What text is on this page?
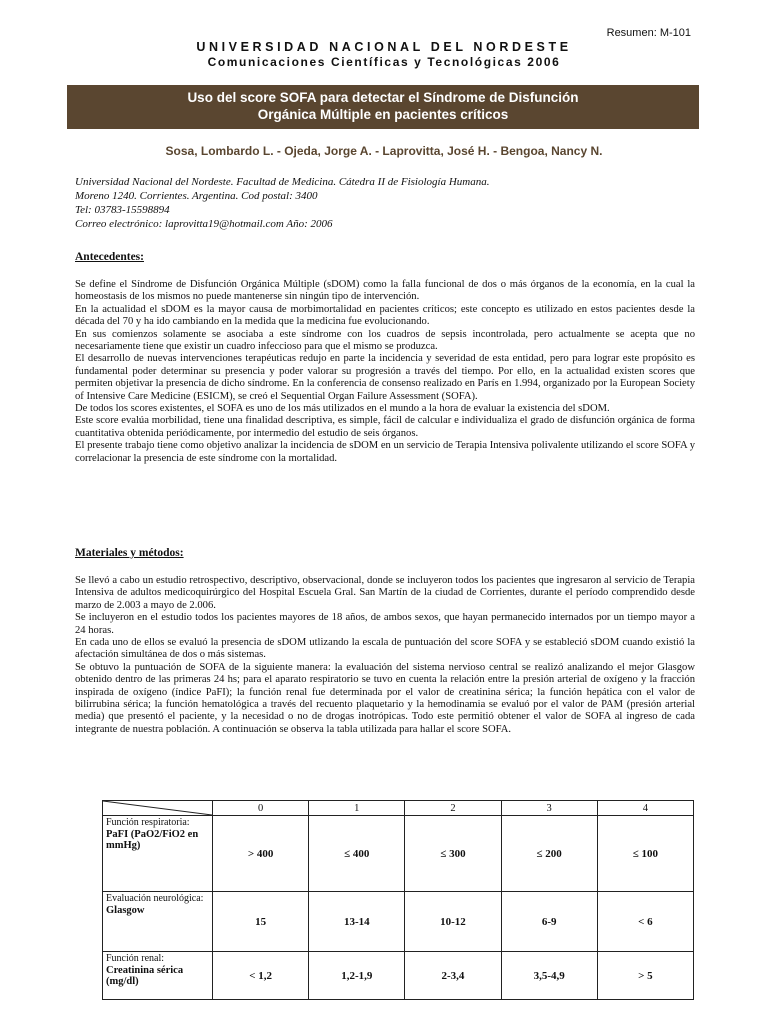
Resumen: M-101
UNIVERSIDAD NACIONAL DEL NORDESTE
Comunicaciones Científicas y Tecnológicas 2006
Uso del score SOFA para detectar el Síndrome de Disfunción
Orgánica Múltiple en pacientes críticos
Sosa, Lombardo L. - Ojeda, Jorge A. - Laprovitta, José H. - Bengoa, Nancy N.
Universidad Nacional del Nordeste. Facultad de Medicina. Cátedra II de Fisiología Humana.
Moreno 1240. Corrientes. Argentina. Cod postal: 3400
Tel: 03783-15598894
Correo electrónico: laprovitta19@hotmail.com Año: 2006
Antecedentes:

Se define el Síndrome de Disfunción Orgánica Múltiple (sDOM) como la falla funcional de dos o más órganos de la economía, en la cual la homeostasis de los mismos no puede mantenerse sin ningún tipo de intervención.

En la actualidad el sDOM es la mayor causa de morbimortalidad en pacientes críticos; este concepto es utilizado en estos pacientes desde la década del 70 y ha ido cambiando en la medida que la medicina fue evolucionando.

En sus comienzos solamente se asociaba a este síndrome con los cuadros de sepsis incontrolada, pero actualmente se acepta que no necesariamente tiene que existir un cuadro infeccioso para que el mismo se produzca.

El desarrollo de nuevas intervenciones terapéuticas redujo en parte la incidencia y severidad de esta entidad, pero para lograr este propósito es fundamental poder determinar su presencia y poder valorar su progresión a través del tiempo. Por ello, en la actualidad existen scores que permiten objetivar la presencia de dicho síndrome. En la conferencia de consenso realizado en París en 1.994, organizado por la European Society of Intensive Care Medicine (ESICM), se creó el Sequential Organ Failure Assessment (SOFA).

De todos los scores existentes, el SOFA es uno de los más utilizados en el mundo a la hora de evaluar la existencia del sDOM.

Este score evalúa morbilidad, tiene una finalidad descriptiva, es simple, fácil de calcular e individualiza el grado de disfunción orgánica de forma cuantitativa obtenida periódicamente, por intermedio del estudio de seis órganos.

El presente trabajo tiene como objetivo analizar la incidencia de sDOM en un servicio de Terapia Intensiva polivalente utilizando el score SOFA y correlacionar la presencia de este síndrome con la mortalidad.

Materiales y métodos:

Se llevó a cabo un estudio retrospectivo, descriptivo, observacional, donde se incluyeron todos los pacientes que ingresaron al servicio de Terapia Intensiva de adultos medicoquirúrgico del Hospital Escuela Gral. San Martín de la ciudad de Corrientes, durante el período comprendido desde marzo de 2.003 a mayo de 2.006.

Se incluyeron en el estudio todos los pacientes mayores de 18 años, de ambos sexos, que hayan permanecido internados por un tiempo mayor a 24 horas.

En cada uno de ellos se evaluó la presencia de sDOM utlizando la escala de puntuación del score SOFA y se estableció sDOM cuando existió la afectación simultánea de dos o más sistemas.

Se obtuvo la puntuación de SOFA de la siguiente manera: la evaluación del sistema nervioso central se realizó analizando el mejor Glasgow obtenido dentro de las primeras 24 hs; para el aparato respiratorio se tuvo en cuenta la relación entre la presión arterial de oxígeno y la fracción inspirada de oxígeno (índice PaFI); la función renal fue determinada por el valor de creatinina sérica; la función hepática con el valor de bilirrubina sérica; la función hematológica a través del recuento plaquetario y la hemodinamia se evaluó por el valor de PAM (presión arterial media) que presentó el paciente, y la necesidad o no de drogas inotrópicas. Todo este permitió obtener el valor de SOFA al ingreso de cada integrante de nuestra población. A continuación se observa la tabla utilizada para hallar el score SOFA.

	0	1	2	3	4
Función respiratoria: PaFI (PaO2/FiO2 en mmHg)	> 400	≤ 400	≤ 300	≤ 200	≤ 100
Evaluación neurológica: Glasgow	15	13-14	10-12	6-9	< 6
Función renal: Creatinina sérica (mg/dl)	< 1,2	1,2-1,9	2-3,4	3,5-4,9	> 5
